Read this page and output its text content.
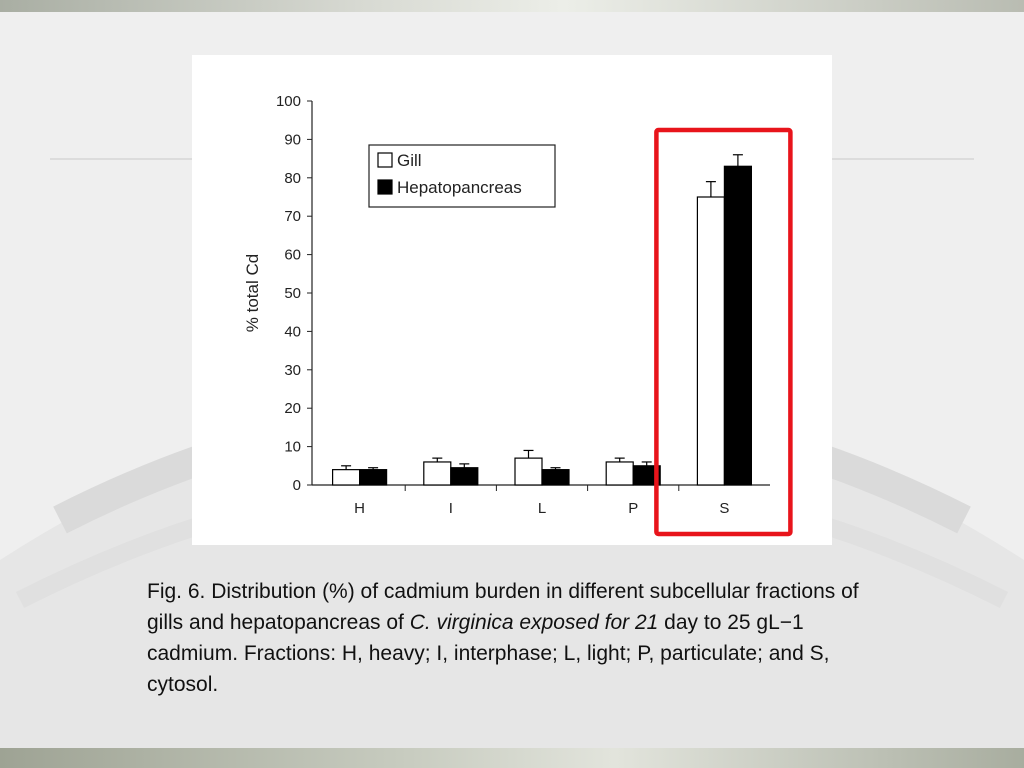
0
10
20
30
40
50
60
70
80
90
100
H	I	L	P	S
% total Cd
Gill
Hepatopancreas
Fig. 6. Distribution (%) of cadmium burden in different subcellular fractions of gills and hepatopancreas of C. virginica exposed for 21 day to 25 gL−1 cadmium. Fractions: H, heavy; I, interphase; L, light; P, particulate; and S, cytosol.
